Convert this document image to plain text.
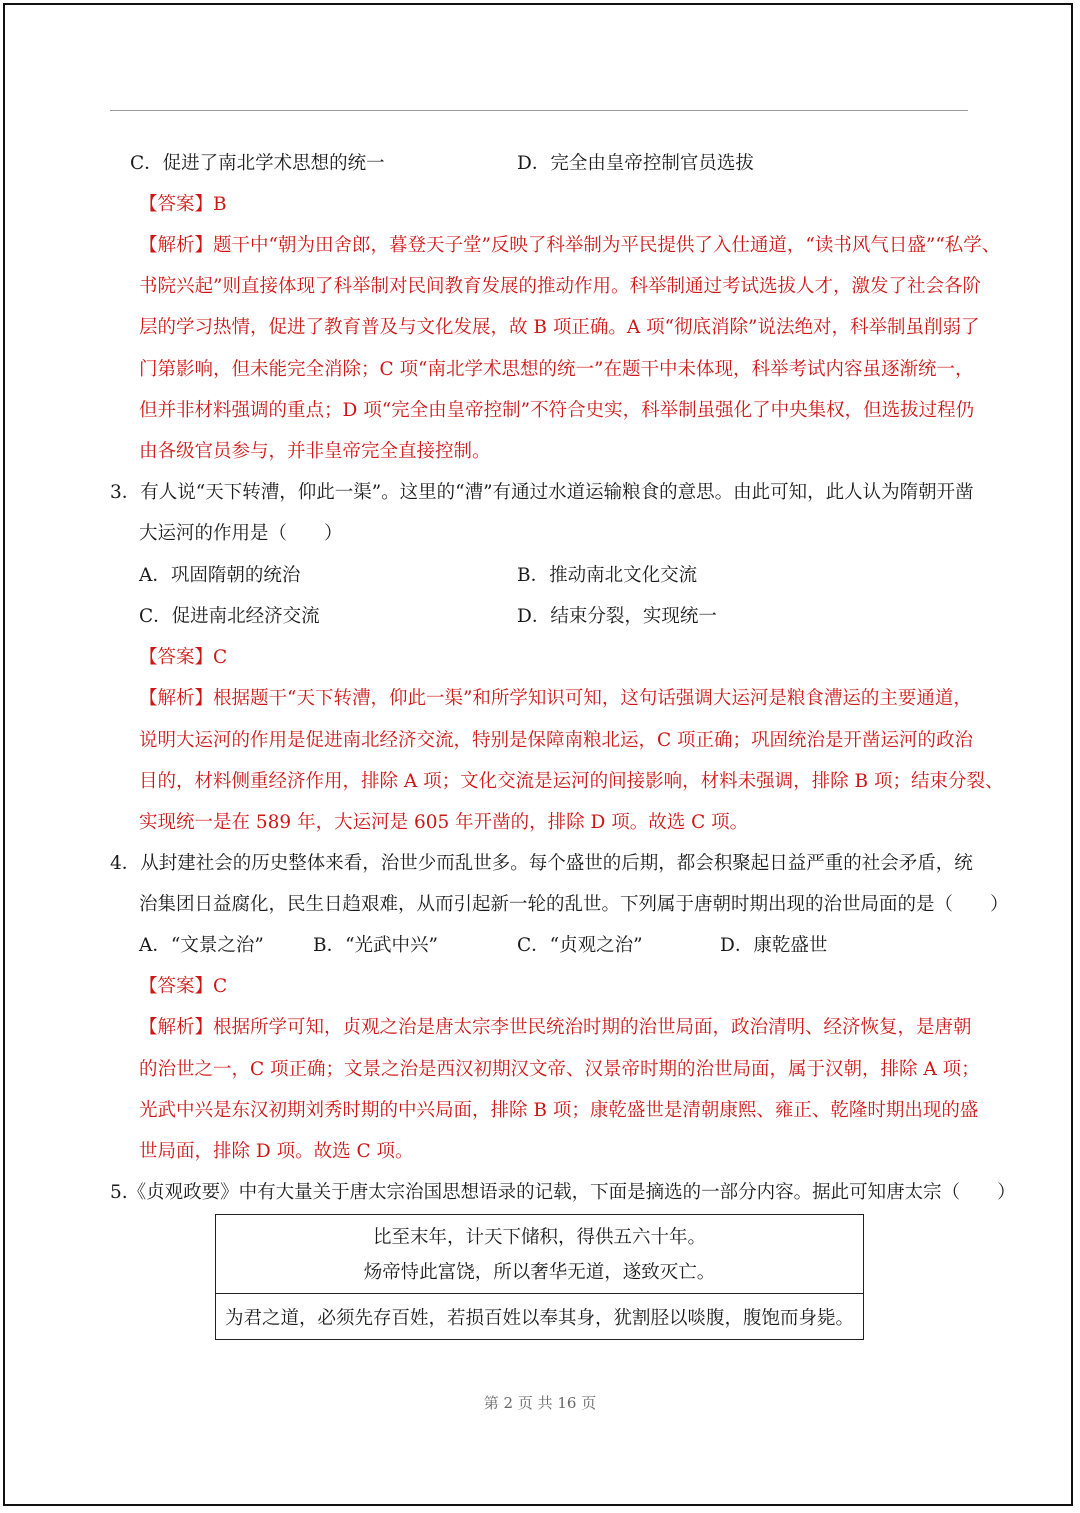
C．促进了南北学术思想的统一	D．完全由皇帝控制官员选拔
【答案】B
【解析】题干中“朝为田舍郎，暮登天子堂”反映了科举制为平民提供了入仕通道，“读书风气日盛”“私学、
书院兴起”则直接体现了科举制对民间教育发展的推动作用。科举制通过考试选拔人才，激发了社会各阶
层的学习热情，促进了教育普及与文化发展，故 B 项正确。A 项“彻底消除”说法绝对，科举制虽削弱了
门第影响，但未能完全消除；C 项“南北学术思想的统一”在题干中未体现，科举考试内容虽逐渐统一，
但并非材料强调的重点；D 项“完全由皇帝控制”不符合史实，科举制虽强化了中央集权，但选拔过程仍
由各级官员参与，并非皇帝完全直接控制。
3．有人说“天下转漕，仰此一渠”。这里的“漕”有通过水道运输粮食的意思。由此可知，此人认为隋朝开凿
大运河的作用是（　　）
A．巩固隋朝的统治	B．推动南北文化交流
C．促进南北经济交流	D．结束分裂，实现统一
【答案】C
【解析】根据题干“天下转漕，仰此一渠”和所学知识可知，这句话强调大运河是粮食漕运的主要通道，
说明大运河的作用是促进南北经济交流，特别是保障南粮北运，C 项正确；巩固统治是开凿运河的政治
目的，材料侧重经济作用，排除 A 项；文化交流是运河的间接影响，材料未强调，排除 B 项；结束分裂、
实现统一是在 589 年，大运河是 605 年开凿的，排除 D 项。故选 C 项。
4．从封建社会的历史整体来看，治世少而乱世多。每个盛世的后期，都会积聚起日益严重的社会矛盾，统
治集团日益腐化，民生日趋艰难，从而引起新一轮的乱世。下列属于唐朝时期出现的治世局面的是（　　）
A．“文景之治”	B．“光武中兴”	C．“贞观之治”	D．康乾盛世
【答案】C
【解析】根据所学可知，贞观之治是唐太宗李世民统治时期的治世局面，政治清明、经济恢复，是唐朝
的治世之一，C 项正确；文景之治是西汉初期汉文帝、汉景帝时期的治世局面，属于汉朝，排除 A 项；
光武中兴是东汉初期刘秀时期的中兴局面，排除 B 项；康乾盛世是清朝康熙、雍正、乾隆时期出现的盛
世局面，排除 D 项。故选 C 项。
5.《贞观政要》中有大量关于唐太宗治国思想语录的记载，下面是摘选的一部分内容。据此可知唐太宗（　　）
比至末年，计天下储积，得供五六十年。
炀帝恃此富饶，所以奢华无道，遂致灭亡。
为君之道，必须先存百姓，若损百姓以奉其身，犹割胫以啖腹，腹饱而身毙。
第 2 页 共 16 页
